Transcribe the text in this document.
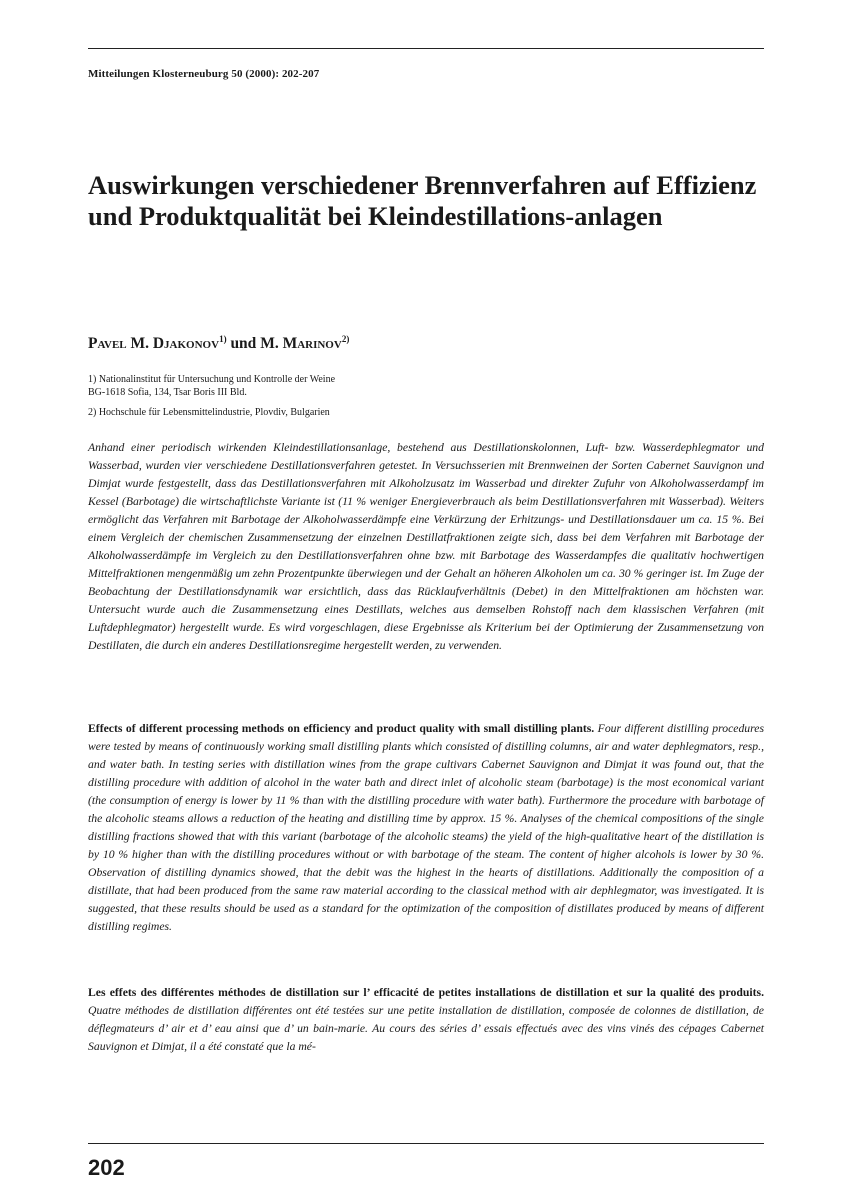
Mitteilungen Klosterneuburg 50 (2000): 202-207
Auswirkungen verschiedener Brennverfahren auf Effizienz und Produktqualität bei Kleindestillations-anlagen
Pavel M. Djakonov$^{1)}$ und M. Marinov$^{2)}$
1) Nationalinstitut für Untersuchung und Kontrolle der Weine
BG-1618 Sofia, 134, Tsar Boris III Bld.
2) Hochschule für Lebensmittelindustrie, Plovdiv, Bulgarien

Anhand einer periodisch wirkenden Kleindestillationsanlage, bestehend aus Destillationskolonnen, Luft- bzw. Wasserdephlegmator und Wasserbad, wurden vier verschiedene Destillationsverfahren getestet. In Versuchsserien mit Brennweinen der Sorten Cabernet Sauvignon und Dimjat wurde festgestellt, dass das Destillationsverfahren mit Alkoholzusatz im Wasserbad und direkter Zufuhr von Alkoholwasserdampf im Kessel (Barbotage) die wirtschaftlichste Variante ist (11 % weniger Energieverbrauch als beim Destillationsverfahren mit Wasserbad). Weiters ermöglicht das Verfahren mit Barbotage der Alkoholwasserdämpfe eine Verkürzung der Erhitzungs- und Destillationsdauer um ca. 15 %. Bei einem Vergleich der chemischen Zusammensetzung der einzelnen Destillatfraktionen zeigte sich, dass bei dem Verfahren mit Barbotage der Alkoholwasserdämpfe im Vergleich zu den Destillationsverfahren ohne bzw. mit Barbotage des Wasserdampfes die qualitativ hochwertigen Mittelfraktionen mengenmäßig um zehn Prozentpunkte überwiegen und der Gehalt an höheren Alkoholen um ca. 30 % geringer ist. Im Zuge der Beobachtung der Destillationsdynamik war ersichtlich, dass das Rücklaufverhältnis (Debet) in den Mittelfraktionen am höchsten war. Untersucht wurde auch die Zusammensetzung eines Destillats, welches aus demselben Rohstoff nach dem klassischen Verfahren (mit Luftdephlegmator) hergestellt wurde. Es wird vorgeschlagen, diese Ergebnisse als Kriterium bei der Optimierung der Zusammensetzung von Destillaten, die durch ein anderes Destillationsregime hergestellt werden, zu verwenden.

Effects of different processing methods on efficiency and product quality with small distilling plants. Four different distilling procedures were tested by means of continuously working small distilling plants which consisted of distilling columns, air and water dephlegmators, resp., and water bath. In testing series with distillation wines from the grape cultivars Cabernet Sauvignon and Dimjat it was found out, that the distilling procedure with addition of alcohol in the water bath and direct inlet of alcoholic steam (barbotage) is the most economical variant (the consumption of energy is lower by 11 % than with the distilling procedure with water bath). Furthermore the procedure with barbotage of the alcoholic steams allows a reduction of the heating and distilling time by approx. 15 %. Analyses of the chemical compositions of the single distilling fractions showed that with this variant (barbotage of the alcoholic steams) the yield of the high-qualitative heart of the distillation is by 10 % higher than with the distilling procedures without or with barbotage of the steam. The content of higher alcohols is lower by 30 %. Observation of distilling dynamics showed, that the debit was the highest in the hearts of distillations. Additionally the composition of a distillate, that had been produced from the same raw material according to the classical method with air dephlegmator, was investigated. It is suggested, that these results should be used as a standard for the optimization of the composition of distillates produced by means of different distilling regimes.

Les effets des différentes méthodes de distillation sur l’ efficacité de petites installations de distillation et sur la qualité des produits. Quatre méthodes de distillation différentes ont été testées sur une petite installation de distillation, composée de colonnes de distillation, de déflegmateurs d’ air et d’ eau ainsi que d’ un bain-marie. Au cours des séries d’ essais effectués avec des vins vinés des cépages Cabernet Sauvignon et Dimjat, il a été constaté que la mé-

202
